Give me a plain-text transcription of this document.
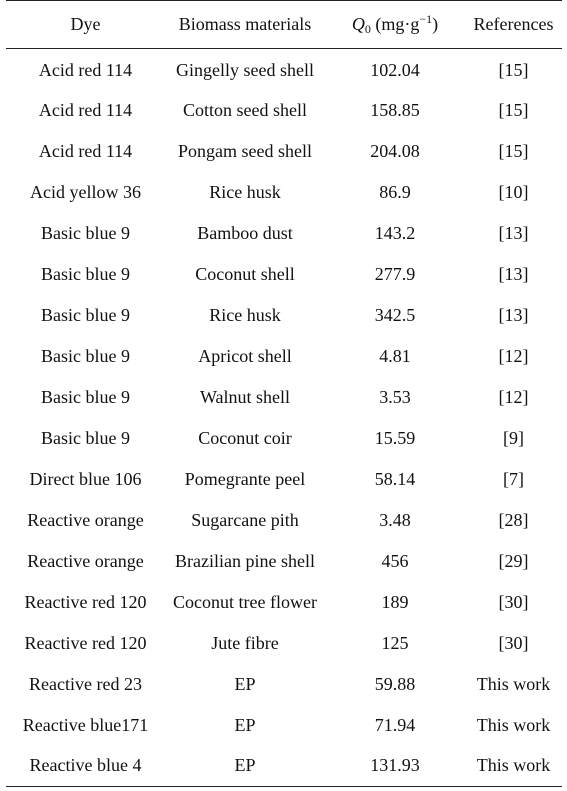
Dye	Biomass materials	Q0 $(mg\cdot g^{-1})$	References
Acid red 114	Gingelly seed shell	102.04	[15]
Acid red 114	Cotton seed shell	158.85	[15]
Acid red 114	Pongam seed shell	204.08	[15]
Acid yellow 36	Rice husk	86.9	[10]
Basic blue 9	Bamboo dust	143.2	[13]
Basic blue 9	Coconut shell	277.9	[13]
Basic blue 9	Rice husk	342.5	[13]
Basic blue 9	Apricot shell	4.81	[12]
Basic blue 9	Walnut shell	3.53	[12]
Basic blue 9	Coconut coir	15.59	[9]
Direct blue 106	Pomegrante peel	58.14	[7]
Reactive orange	Sugarcane pith	3.48	[28]
Reactive orange	Brazilian pine shell	456	[29]
Reactive red 120	Coconut tree flower	189	[30]
Reactive red 120	Jute fibre	125	[30]
Reactive red 23	EP	59.88	This work
Reactive blue171	EP	71.94	This work
Reactive blue 4	EP	131.93	This work
